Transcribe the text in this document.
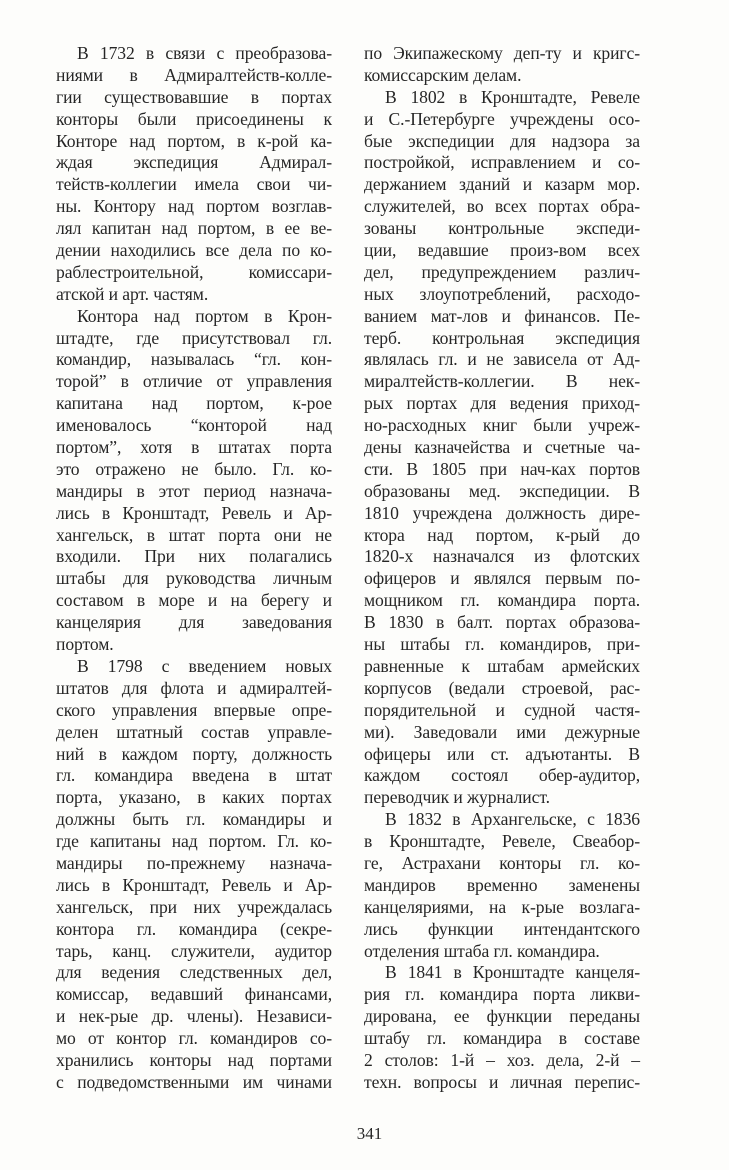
В 1732 в связи с преобразова-
ниями в Адмиралтейств-колле-
гии существовавшие в портах
конторы были присоединены к
Конторе над портом, в к-рой ка-
ждая экспедиция Адмирал-
тейств-коллегии имела свои чи-
ны. Контору над портом возглав-
лял капитан над портом, в ее ве-
дении находились все дела по ко-
раблестроительной, комиссари-
атской и арт. частям.
Контора над портом в Крон-
штадте, где присутствовал гл.
командир, называлась “гл. кон-
торой” в отличие от управления
капитана над портом, к-рое
именовалось “конторой над
портом”, хотя в штатах порта
это отражено не было. Гл. ко-
мандиры в этот период назнача-
лись в Кронштадт, Ревель и Ар-
хангельск, в штат порта они не
входили. При них полагались
штабы для руководства личным
составом в море и на берегу и
канцелярия для заведования
портом.
В 1798 с введением новых
штатов для флота и адмиралтей-
ского управления впервые опре-
делен штатный состав управле-
ний в каждом порту, должность
гл. командира введена в штат
порта, указано, в каких портах
должны быть гл. командиры и
где капитаны над портом. Гл. ко-
мандиры по-прежнему назнача-
лись в Кронштадт, Ревель и Ар-
хангельск, при них учреждалась
контора гл. командира (секре-
тарь, канц. служители, аудитор
для ведения следственных дел,
комиссар, ведавший финансами,
и нек-рые др. члены). Независи-
мо от контор гл. командиров со-
хранились конторы над портами
с подведомственными им чинами
по Экипажескому деп-ту и кригс-
комиссарским делам.
В 1802 в Кронштадте, Ревеле
и С.-Петербурге учреждены осо-
бые экспедиции для надзора за
постройкой, исправлением и со-
держанием зданий и казарм мор.
служителей, во всех портах обра-
зованы контрольные экспеди-
ции, ведавшие произ-вом всех
дел, предупреждением различ-
ных злоупотреблений, расходо-
ванием мат-лов и финансов. Пе-
терб. контрольная экспедиция
являлась гл. и не зависела от Ад-
миралтейств-коллегии. В нек-
рых портах для ведения приход-
но-расходных книг были учреж-
дены казначейства и счетные ча-
сти. В 1805 при нач-ках портов
образованы мед. экспедиции. В
1810 учреждена должность дире-
ктора над портом, к-рый до
1820-х назначался из флотских
офицеров и являлся первым по-
мощником гл. командира порта.
В 1830 в балт. портах образова-
ны штабы гл. командиров, при-
равненные к штабам армейских
корпусов (ведали строевой, рас-
порядительной и судной частя-
ми). Заведовали ими дежурные
офицеры или ст. адъютанты. В
каждом состоял обер-аудитор,
переводчик и журналист.
В 1832 в Архангельске, с 1836
в Кронштадте, Ревеле, Свеабор-
ге, Астрахани конторы гл. ко-
мандиров временно заменены
канцеляриями, на к-рые возлага-
лись функции интендантского
отделения штаба гл. командира.
В 1841 в Кронштадте канцеля-
рия гл. командира порта ликви-
дирована, ее функции переданы
штабу гл. командира в составе
2 столов: 1-й – хоз. дела, 2-й –
техн. вопросы и личная перепис-
341
